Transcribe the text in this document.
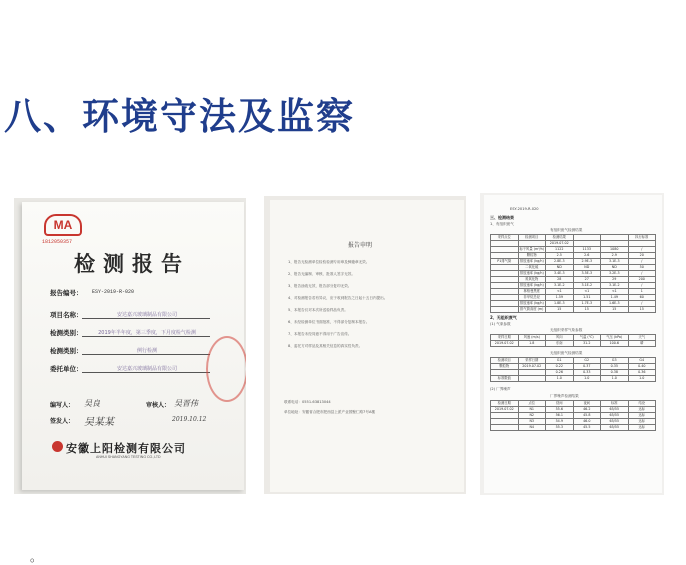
八、环境守法及监察
MA
1812050357
检测报告
报告编号： ESY-2019-R-020
项目名称：	安达嘉兴玻璃制品有限公司
检测类别：	2019年半年度，第三季度，下月度检气检测
检测类别：	例行检测
委托单位：	安达嘉兴玻璃制品有限公司
编写人： 吴良	审核人： 吴晋伟
签发人： 吴某某	2019.10.12
安徽上阳检测有限公司
ANHUI SHANGYANG TESTING CO.,LTD
报告申明
1、报告无检测单位检验检测专用章及骑缝章无效。
2、报告无编制、审核、批准人签字无效。
3、报告涂改无效，报告部分复印无效。
4、对检测报告若有异议，应于收到报告之日起十五日内提出。
5、本报告仅对本次所送检样品负责。
6、未经检测单位书面批准，不得部分复制本报告。
7、本报告未经同意不得用于广告宣传。
8、委托方对样品及其相关信息的真实性负责。
联系电话：0551-63813044
单位地址：安徽省合肥市肥西县上派产业园聚仁路7号A楼
ESY-2019-R-020
三、检测结果
1、有组织废气
有组织废气检测结果
采样点位	检测项目	检测结果			执行标准
		2019.07.02			
	标干风量 (m³/h)	1122	1133	1080	/
	颗粒物	2.5	2.6	2.9	20
P1排气筒	排放速率 (kg/h)	2.8E-3	2.9E-3	3.1E-3	/
	二氧化硫	ND	ND	ND	50
	排放速率 (kg/h)	3.4E-3	3.5E-3	3.2E-3	/
	氮氧化物	28	27	29	200
	排放速率 (kg/h)	3.1E-2	3.1E-2	3.1E-2	/
	林格曼黑度	<1	<1	<1	1
	非甲烷总烃	1.59	1.51	1.49	60
	排放速率 (kg/h)	1.8E-3	1.7E-3	1.6E-3	/
	排气筒高度 (m)	15	15	15	15
2、无组织废气
(1) 气象参数
无组织采样气象参数
采样日期	风速 (m/s)	风向	气温 (℃)	气压 (kPa)	天气
2019.07.02	1.8	东南	31.2	100.6	晴
无组织废气检测结果
检测项目	采样日期	G1	G2	G3	G4
颗粒物	2019.07.02	0.22	0.37	0.35	0.40
		0.26	0.33	0.38	0.36
标准限值		1.0	1.0	1.0	1.0
(2) 厂界噪声
厂界噪声检测结果
检测日期	点位	昼间	夜间	标准	结论
2019.07.02	N1	55.6	46.2	65/55	达标
	N2	56.1	45.8	65/55	达标
	N3	54.9	46.0	65/55	达标
	N4	55.3	45.5	65/55	达标
。
